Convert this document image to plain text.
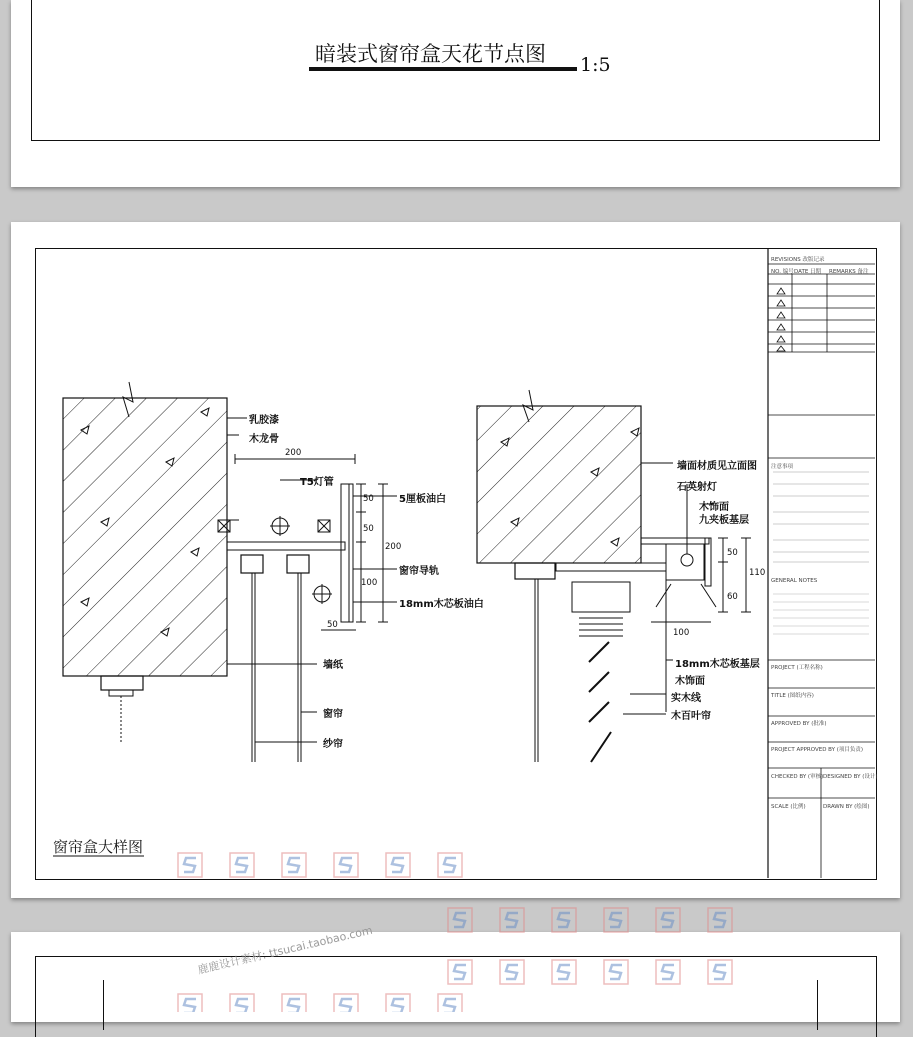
暗装式窗帘盒天花节点图 1:5
乳胶漆
木龙骨
200
T5灯管
5厘板油白
50
50
200
窗帘导轨
100
18mm木芯板油白
50
墙纸
窗帘
纱帘
墙面材质见立面图
石英射灯
木饰面
九夹板基层
50
110
60
100
18mm木芯板基层
木饰面
实木线
木百叶帘
窗帘盒大样图
REVISIONS 改版记录
NO. 编号 DATE 日期 REMARKS 备注
注意事项
GENERAL NOTES
PROJECT (工程名称)
TITLE (图纸内容)
APPROVED BY (批准)
PROJECT APPROVED BY (项目负责)
CHECKED BY (审核) DESIGNED BY (设计)
SCALE (比例)	DRAWN BY (绘图)
鹿鹿设计素材: ttsucai.taobao.com
